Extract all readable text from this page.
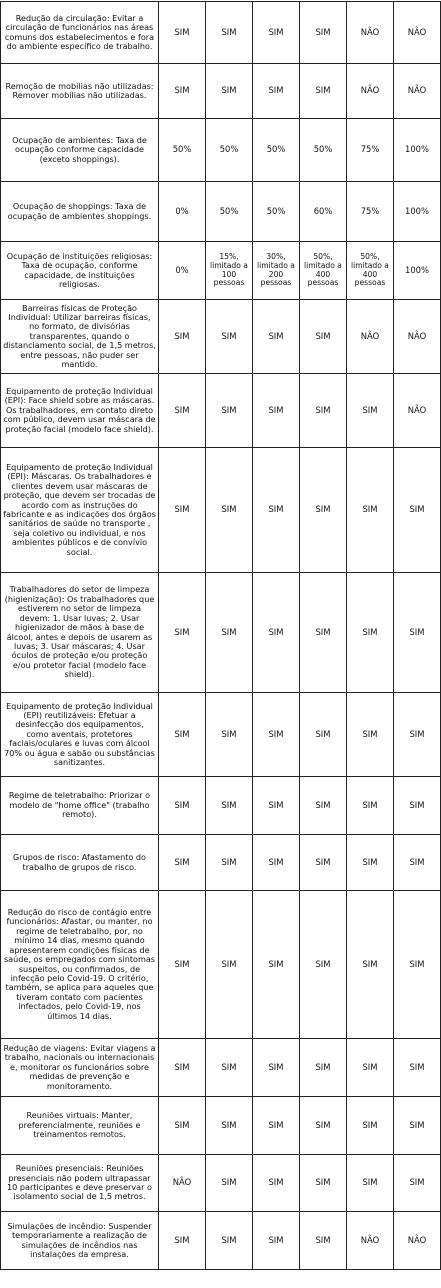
Redução da circulação: Evitar a circulação de funcionários nas áreas comuns dos estabelecimentos e fora do ambiente específico de trabalho.	SIM	SIM	SIM	SIM	NÃO	NÃO
Remoção de mobílias não utilizadas: Remover mobílias não utilizadas.	SIM	SIM	SIM	SIM	NÃO	NÃO
Ocupação de ambientes: Taxa de ocupação conforme capacidade (exceto shoppings).	50%	50%	50%	50%	75%	100%
Ocupação de shoppings: Taxa de ocupação de ambientes shoppings.	0%	50%	50%	60%	75%	100%
Ocupação de instituições religiosas: Taxa de ocupação, conforme capacidade, de instituições religiosas.	0%	15%, limitado a 100 pessoas	30%, limitado a 200 pessoas	50%, limitado a 400 pessoas	50%, limitado a 400 pessoas	100%
Barreiras físicas de Proteção Individual: Utilizar barreiras físicas, no formato, de divisórias transparentes, quando o distanciamento social, de 1,5 metros, entre pessoas, não puder ser mantido.	SIM	SIM	SIM	SIM	NÃO	NÃO
Equipamento de proteção Individual (EPI): Face shield sobre as máscaras. Os trabalhadores, em contato direto com público, devem usar máscara de proteção facial (modelo face shield).	SIM	SIM	SIM	SIM	SIM	NÃO
Equipamento de proteção Individual (EPI): Máscaras. Os trabalhadores e clientes devem usar máscaras de proteção, que devem ser trocadas de acordo com as instruções do fabricante e as indicações dos órgãos sanitários de saúde no transporte , seja coletivo ou individual, e nos ambientes públicos e de convívio social.	SIM	SIM	SIM	SIM	SIM	SIM
Trabalhadores do setor de limpeza (higienização): Os trabalhadores que estiverem no setor de limpeza devem: 1. Usar luvas; 2. Usar higienizador de mãos à base de álcool, antes e depois de usarem as luvas; 3. Usar máscaras; 4. Usar óculos de proteção e/ou proteção e/ou protetor facial (modelo face shield).	SIM	SIM	SIM	SIM	SIM	SIM
Equipamento de proteção Individual (EPI) reutilizáveis: Efetuar a desinfecção dos equipamentos, como aventais, protetores faciais/oculares e luvas com álcool 70% ou água e sabão ou substâncias sanitizantes.	SIM	SIM	SIM	SIM	SIM	SIM
Regime de teletrabalho: Priorizar o modelo de "home office" (trabalho remoto).	SIM	SIM	SIM	SIM	SIM	SIM
Grupos de risco: Afastamento do trabalho de grupos de risco.	SIM	SIM	SIM	SIM	SIM	SIM
Redução do risco de contágio entre funcionários: Afastar, ou manter, no regime de teletrabalho, por, no mínimo 14 dias, mesmo quando apresentarem condições físicas de saúde, os empregados com sintomas suspeitos, ou confirmados, de infecção pelo Covid-19. O critério, também, se aplica para aqueles que tiveram contato com pacientes infectados, pelo Covid-19, nos últimos 14 dias.	SIM	SIM	SIM	SIM	SIM	SIM
Redução de viagens: Evitar viagens a trabalho, nacionais ou internacionais e, monitorar os funcionários sobre medidas de prevenção e monitoramento.	SIM	SIM	SIM	SIM	SIM	SIM
Reuniões virtuais: Manter, preferencialmente, reuniões e treinamentos remotos.	SIM	SIM	SIM	SIM	SIM	SIM
Reuniões presenciais: Reuniões presenciais não podem ultrapassar 10 participantes e deve preservar o isolamento social de 1,5 metros.	NÃO	SIM	SIM	SIM	SIM	SIM
Simulações de incêndio: Suspender temporariamente a realização de simulações de incêndios nas instalações da empresa.	SIM	SIM	SIM	SIM	NÃO	NÃO
